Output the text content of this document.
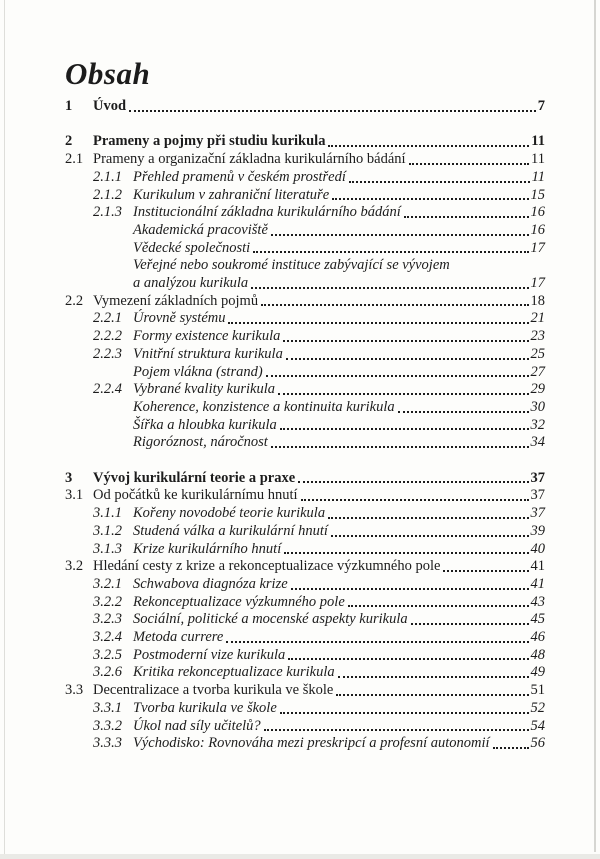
Obsah
1	Úvod	7
2	Prameny a pojmy při studiu kurikula	11
2.1 Prameny a organizační základna kurikulárního bádání	11
2.1.1 Přehled pramenů v českém prostředí	11
2.1.2 Kurikulum v zahraniční literatuře	15
2.1.3 Institucionální základna kurikulárního bádání	16
Akademická pracoviště	16
Vědecké společnosti	17
Veřejné nebo soukromé instituce zabývající se vývojem
a analýzou kurikula	17
2.2 Vymezení základních pojmů	18
2.2.1 Úrovně systému	21
2.2.2 Formy existence kurikula	23
2.2.3 Vnitřní struktura kurikula	25
Pojem vlákna (strand)	27
2.2.4 Vybrané kvality kurikula	29
Koherence, konzistence a kontinuita kurikula	30
Šířka a hloubka kurikula	32
Rigoróznost, náročnost	34
3	Vývoj kurikulární teorie a praxe	37
3.1 Od počátků ke kurikulárnímu hnutí	37
3.1.1 Kořeny novodobé teorie kurikula	37
3.1.2 Studená válka a kurikulární hnutí	39
3.1.3 Krize kurikulárního hnutí	40
3.2 Hledání cesty z krize a rekonceptualizace výzkumného pole	41
3.2.1 Schwabova diagnóza krize	41
3.2.2 Rekonceptualizace výzkumného pole	43
3.2.3 Sociální, politické a mocenské aspekty kurikula	45
3.2.4 Metoda currere	46
3.2.5 Postmoderní vize kurikula	48
3.2.6 Kritika rekonceptualizace kurikula	49
3.3 Decentralizace a tvorba kurikula ve škole	51
3.3.1 Tvorba kurikula ve škole	52
3.3.2 Úkol nad síly učitelů?	54
3.3.3 Východisko: Rovnováha mezi preskripcí a profesní autonomií	56
